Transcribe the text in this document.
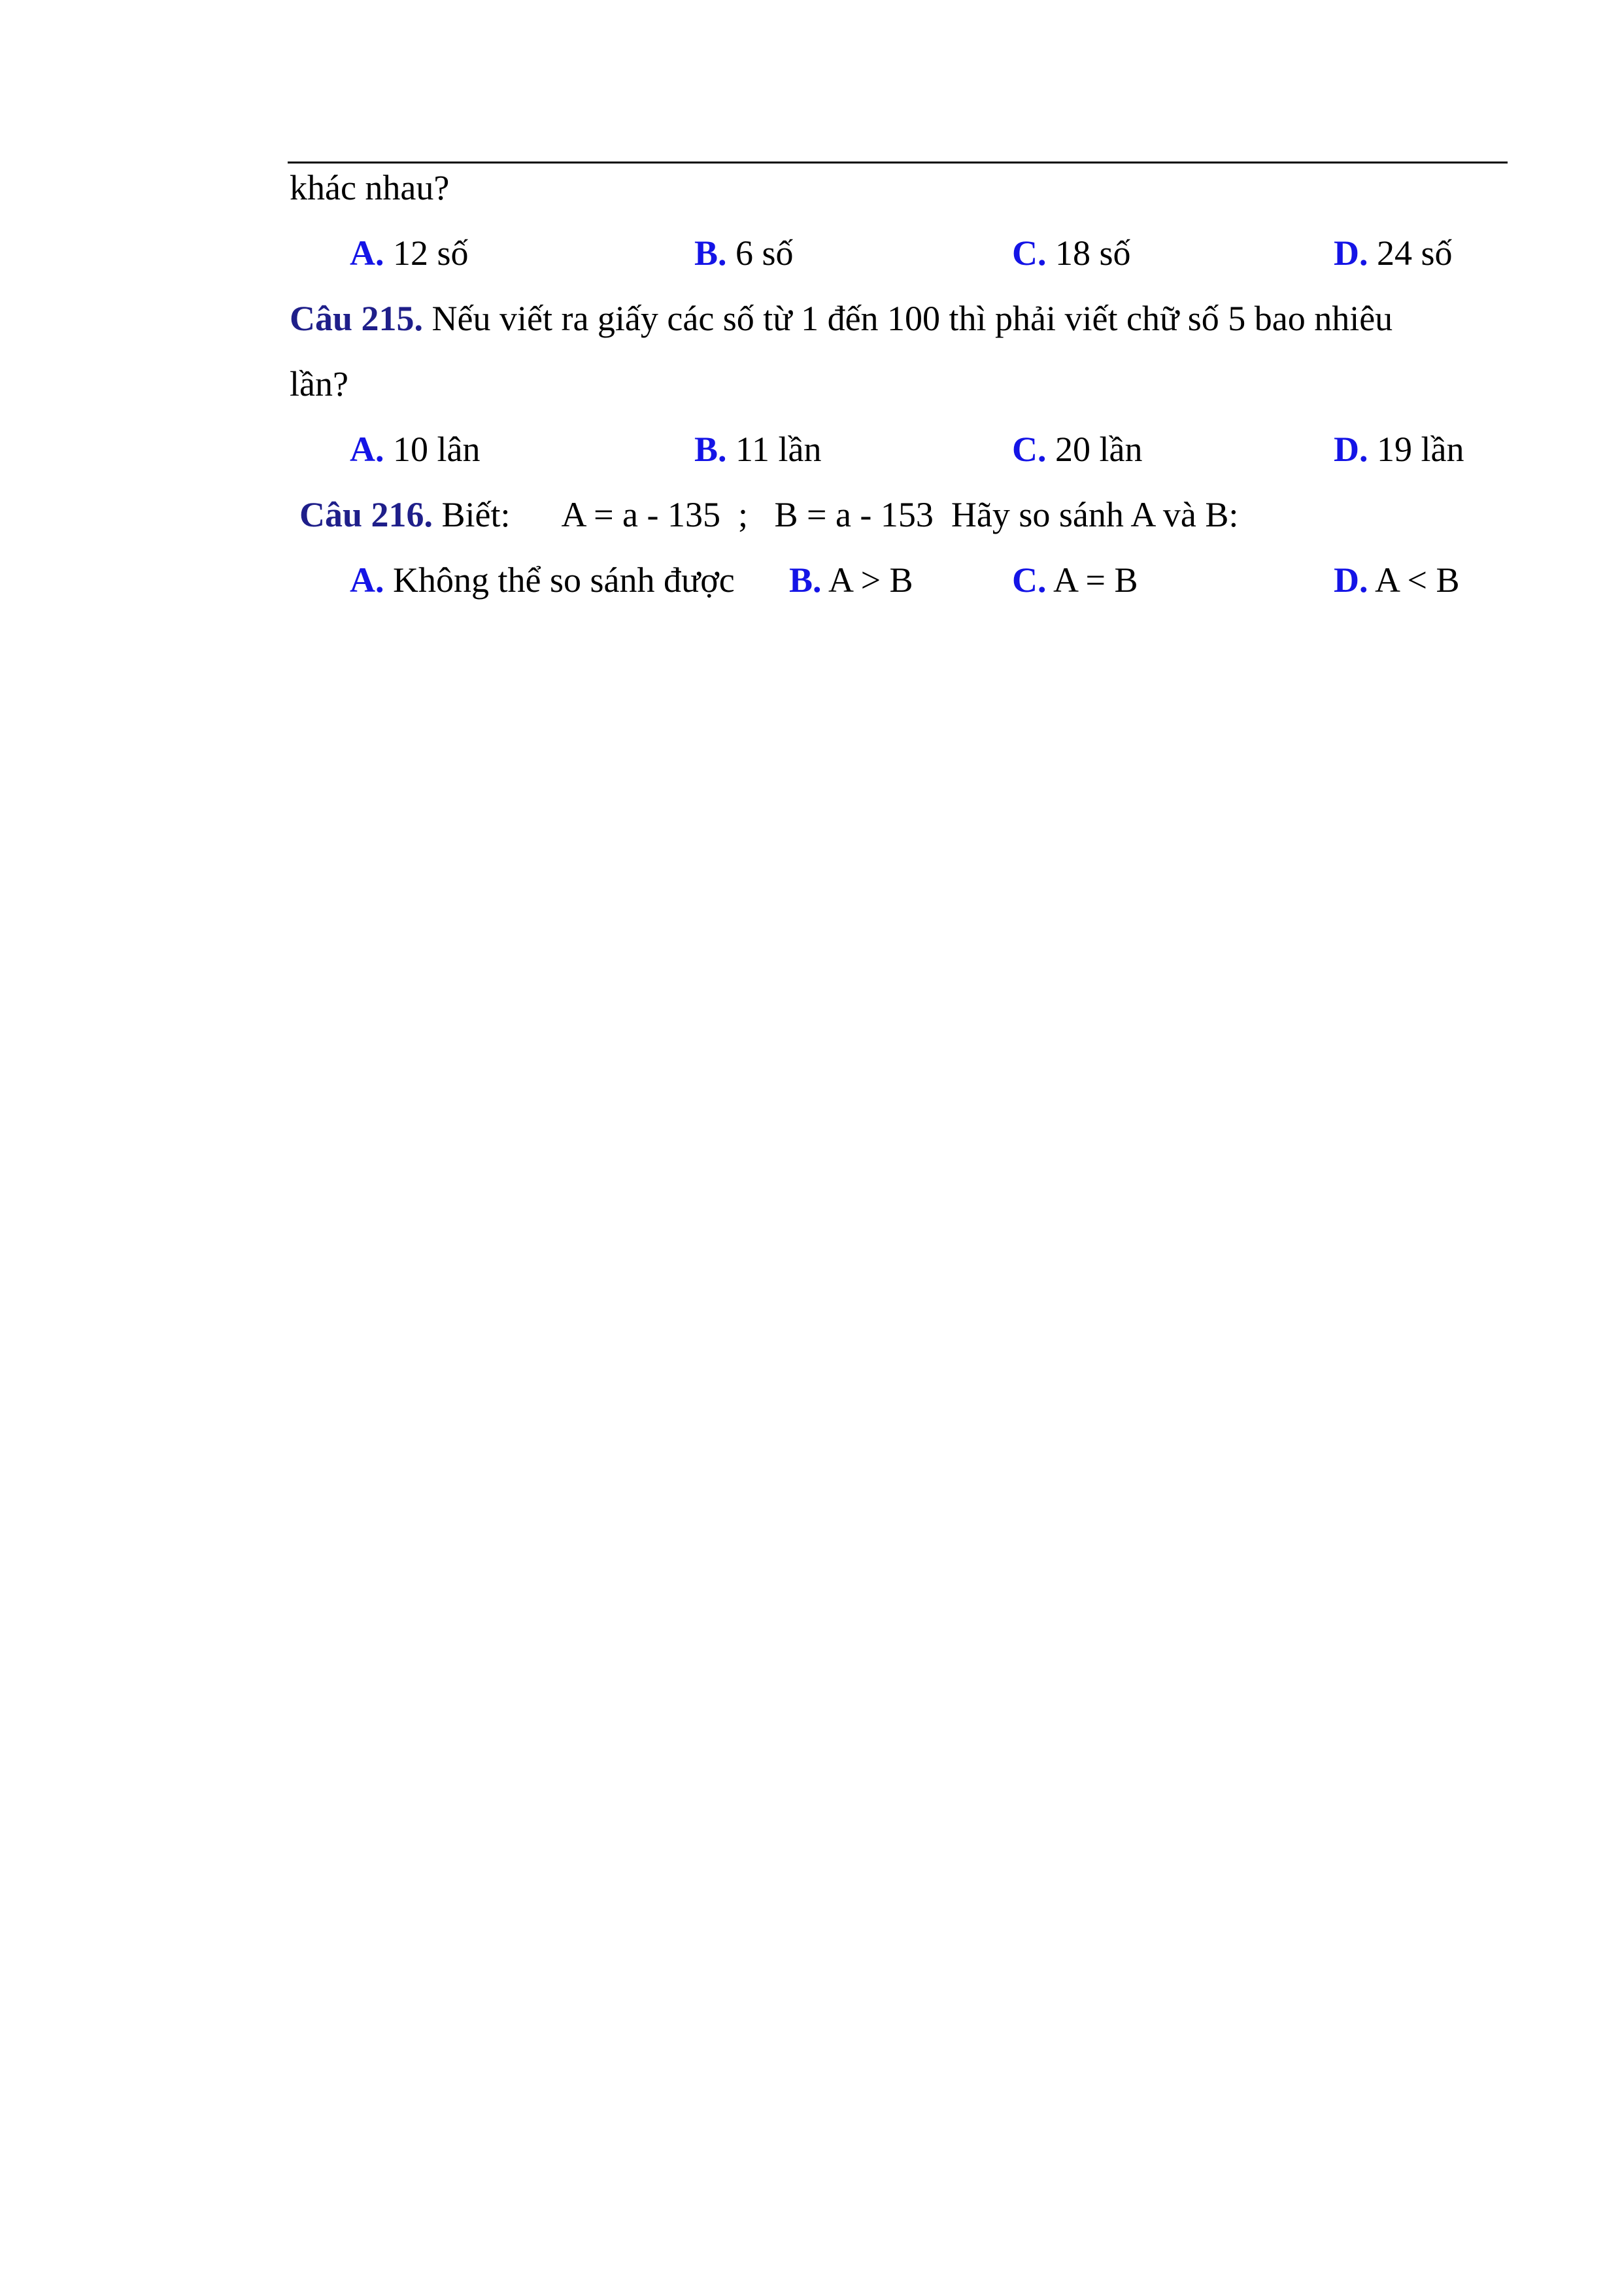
khác nhau?
A. 12 số	B. 6 số	C. 18 số	D. 24 số
Câu 215. Nếu viết ra giấy các số từ 1 đến 100 thì phải viết chữ số 5 bao nhiêu
lần?
A. 10 lân	B. 11 lần	C. 20 lần	D. 19 lần
Câu 216. Biết:      A = a - 135  ;   B = a - 153  Hãy so sánh A và B:
A. Không thể so sánh được B. A > B	C. A = B	D. A < B
